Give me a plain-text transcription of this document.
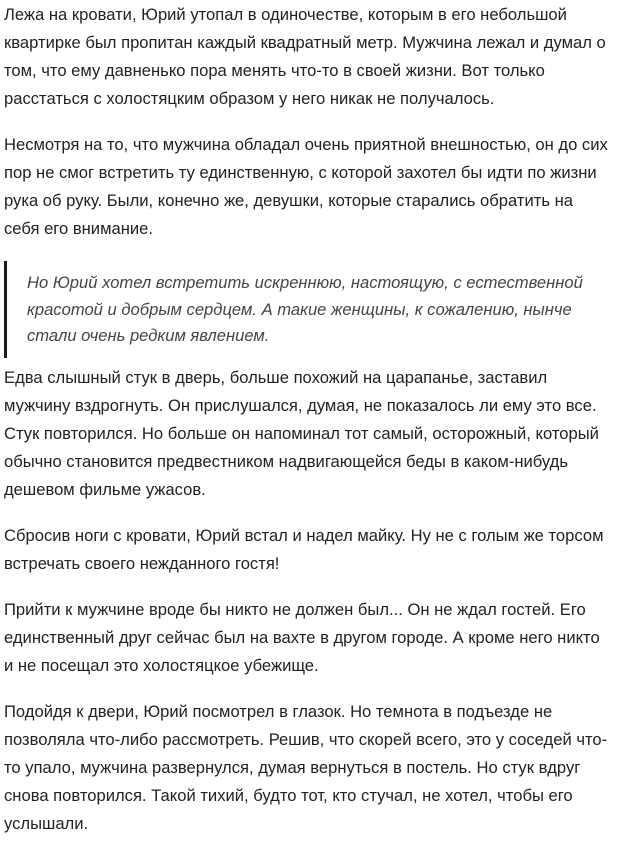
Лежа на кровати, Юрий утопал в одиночестве, которым в его небольшой квартирке был пропитан каждый квадратный метр. Мужчина лежал и думал о том, что ему давненько пора менять что-то в своей жизни. Вот только расстаться с холостяцким образом у него никак не получалось.

Несмотря на то, что мужчина обладал очень приятной внешностью, он до сих пор не смог встретить ту единственную, с которой захотел бы идти по жизни рука об руку. Были, конечно же, девушки, которые старались обратить на себя его внимание.

Но Юрий хотел встретить искреннюю, настоящую, с естественной красотой и добрым сердцем. А такие женщины, к сожалению, нынче стали очень редким явлением.

Едва слышный стук в дверь, больше похожий на царапанье, заставил мужчину вздрогнуть. Он прислушался, думая, не показалось ли ему это все. Стук повторился. Но больше он напоминал тот самый, осторожный, который обычно становится предвестником надвигающейся беды в каком-нибудь дешевом фильме ужасов.

Сбросив ноги с кровати, Юрий встал и надел майку. Ну не с голым же торсом встречать своего нежданного гостя!

Прийти к мужчине вроде бы никто не должен был... Он не ждал гостей. Его единственный друг сейчас был на вахте в другом городе. А кроме него никто и не посещал это холостяцкое убежище.

Подойдя к двери, Юрий посмотрел в глазок. Но темнота в подъезде не позволяла что-либо рассмотреть. Решив, что скорей всего, это у соседей что-то упало, мужчина развернулся, думая вернуться в постель. Но стук вдруг снова повторился. Такой тихий, будто тот, кто стучал, не хотел, чтобы его услышали.
